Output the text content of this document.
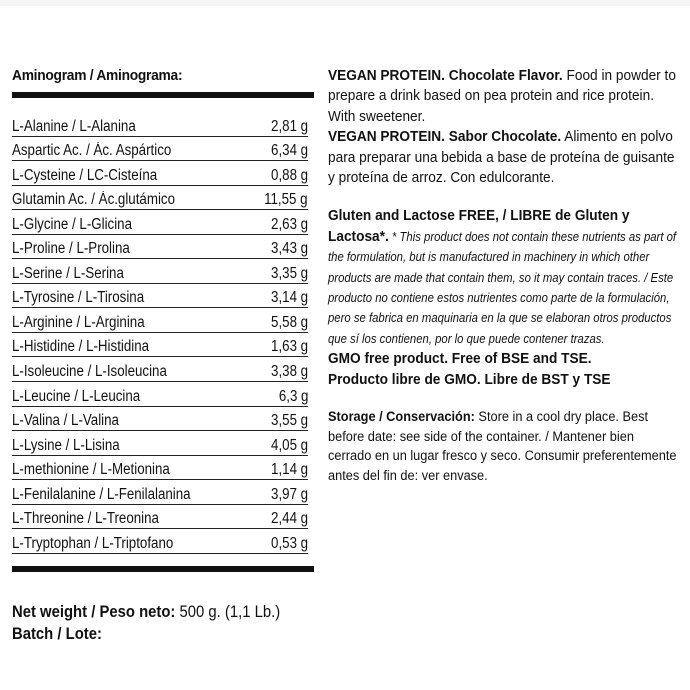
Aminogram / Aminograma:
L-Alanine / L-Alanina	2,81 g
Aspartic Ac. / Ác. Aspártico	6,34 g
L-Cysteine / LC-Cisteína	0,88 g
Glutamin Ac. / Ác.glutámico	11,55 g
L-Glycine / L-Glicina	2,63 g
L-Proline / L-Prolina	3,43 g
L-Serine / L-Serina	3,35 g
L-Tyrosine / L-Tirosina	3,14 g
L-Arginine / L-Arginina	5,58 g
L-Histidine / L-Histidina	1,63 g
L-Isoleucine / L-Isoleucina	3,38 g
L-Leucine / L-Leucina	6,3 g
L-Valina / L-Valina	3,55 g
L-Lysine / L-Lisina	4,05 g
L-methionine / L-Metionina	1,14 g
L-Fenilalanine / L-Fenilalanina	3,97 g
L-Threonine / L-Treonina	2,44 g
L-Tryptophan / L-Triptofano	0,53 g

VEGAN PROTEIN. Chocolate Flavor. Food in powder to prepare a drink based on pea protein and rice protein. With sweetener.

VEGAN PROTEIN. Sabor Chocolate. Alimento en polvo para preparar una bebida a base de proteína de guisante y proteína de arroz. Con edulcorante.

Gluten and Lactose FREE, / LIBRE de Gluten y Lactosa*. * This product does not contain these nutrients as part of the formulation, but is manufactured in machinery in which other products are made that contain them, so it may contain traces. / Este producto no contiene estos nutrientes como parte de la formulación, pero se fabrica en maquinaria en la que se elaboran otros productos que sí los contienen, por lo que puede contener trazas.

GMO free product. Free of BSE and TSE.

Producto libre de GMO. Libre de BST y TSE

Storage / Conservación: Store in a cool dry place. Best before date: see side of the container. / Mantener bien cerrado en un lugar fresco y seco. Consumir preferentemente antes del fin de: ver envase.

Net weight / Peso neto: 500 g. (1,1 Lb.)
Batch / Lote:
